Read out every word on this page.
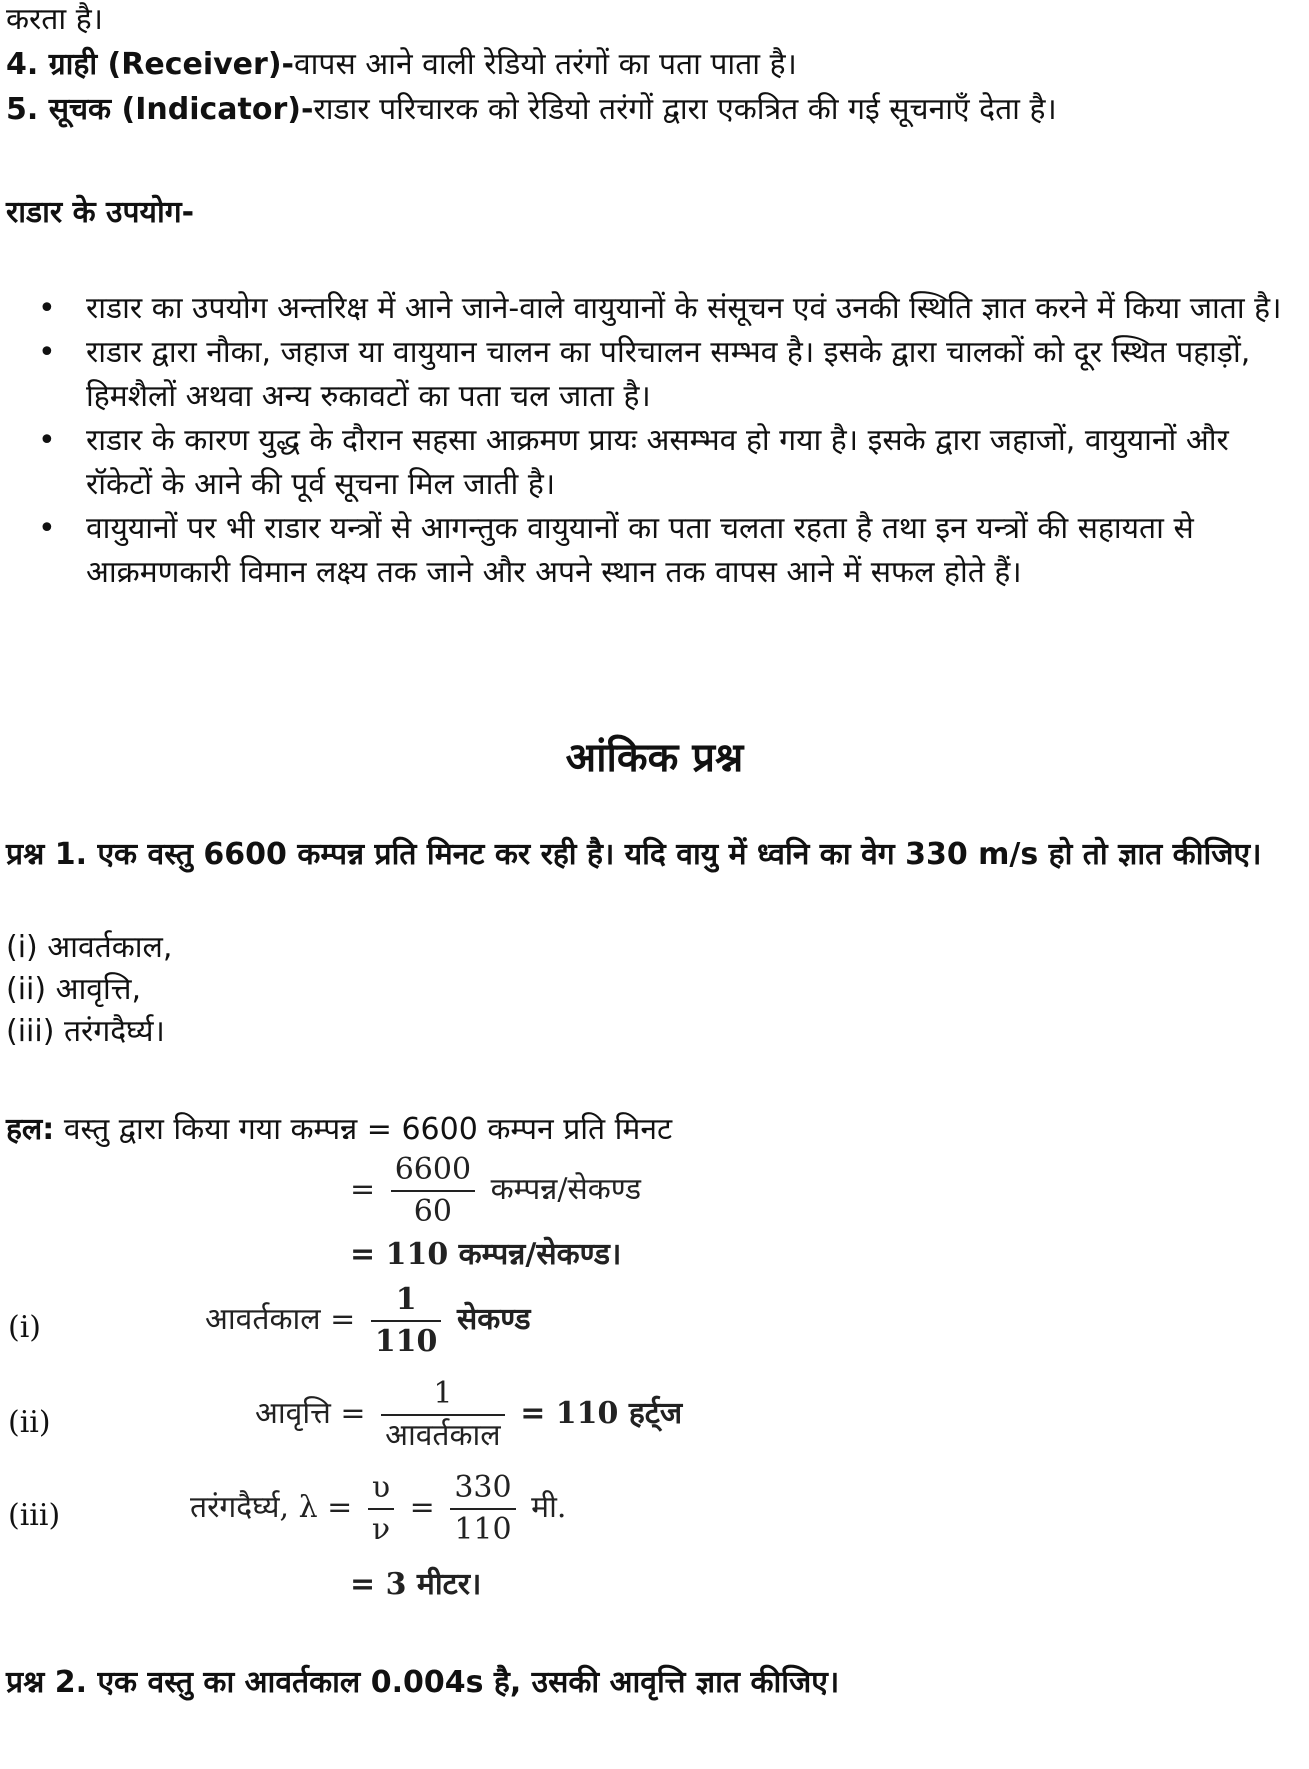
करता है।
4. ग्राही (Receiver)-वापस आने वाली रेडियो तरंगों का पता पाता है।
5. सूचक (Indicator)-राडार परिचारक को रेडियो तरंगों द्वारा एकत्रित की गई सूचनाएँ देता है।
राडार के उपयोग-
• राडार का उपयोग अन्तरिक्ष में आने जाने-वाले वायुयानों के संसूचन एवं उनकी स्थिति ज्ञात करने में किया जाता है।
• राडार द्वारा नौका, जहाज या वायुयान चालन का परिचालन सम्भव है। इसके द्वारा चालकों को दूर स्थित पहाड़ों, हिमशैलों अथवा अन्य रुकावटों का पता चल जाता है।
• राडार के कारण युद्ध के दौरान सहसा आक्रमण प्रायः असम्भव हो गया है। इसके द्वारा जहाजों, वायुयानों और रॉकेटों के आने की पूर्व सूचना मिल जाती है।
• वायुयानों पर भी राडार यन्त्रों से आगन्तुक वायुयानों का पता चलता रहता है तथा इन यन्त्रों की सहायता से आक्रमणकारी विमान लक्ष्य तक जाने और अपने स्थान तक वापस आने में सफल होते हैं।
आंकिक प्रश्न
प्रश्न 1. एक वस्तु 6600 कम्पन्न प्रति मिनट कर रही है। यदि वायु में ध्वनि का वेग 330 m/s हो तो ज्ञात कीजिए।
(i) आवर्तकाल,
(ii) आवृत्ति,
(iii) तरंगदैर्घ्य।
हल: वस्तु द्वारा किया गया कम्पन्न = 6600 कम्पन प्रति मिनट
= $\frac{6600}{60}$ कम्पन्न/सेकण्ड
= 110 कम्पन्न/सेकण्ड।
(i)	आवर्तकाल = $\frac{1}{110}$ सेकण्ड
(ii)	आवृत्ति = $\frac{1}{\text{आवर्तकाल}} = 110$ हर्ट्ज
(iii)	तरंगदैर्घ्य, $\lambda = \frac{\upsilon}{\nu} = \frac{330}{110}$ मी.
= 3 मीटर।
प्रश्न 2. एक वस्तु का आवर्तकाल 0.004s है, उसकी आवृत्ति ज्ञात कीजिए।
